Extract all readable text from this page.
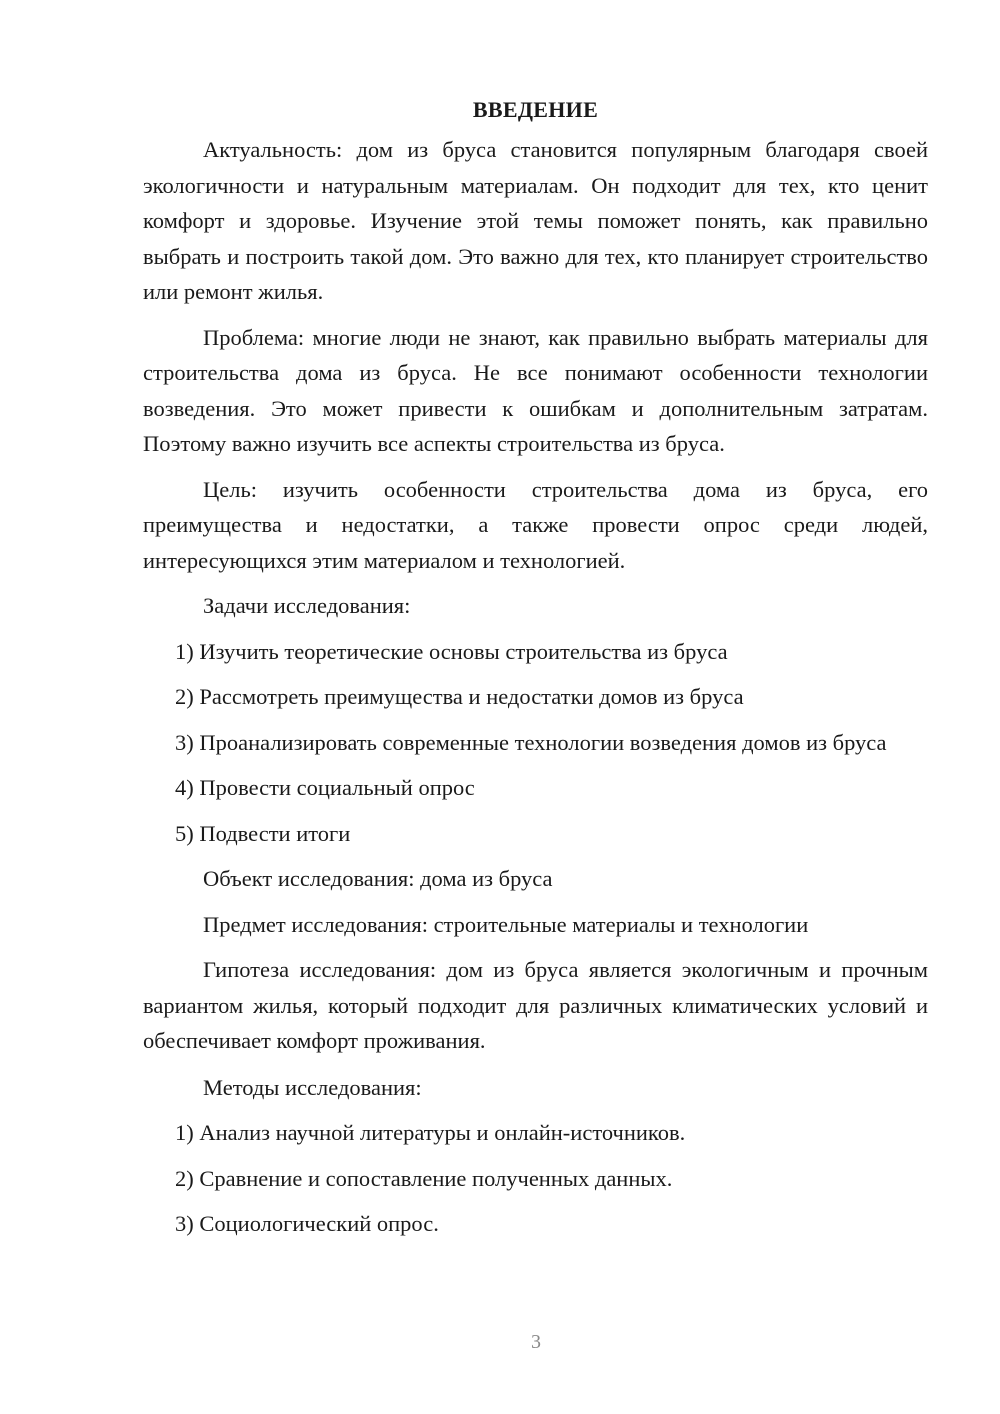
ВВЕДЕНИЕ

Актуальность: дом из бруса становится популярным благодаря своей экологичности и натуральным материалам. Он подходит для тех, кто ценит комфорт и здоровье. Изучение этой темы поможет понять, как правильно выбрать и построить такой дом. Это важно для тех, кто планирует строительство или ремонт жилья.

Проблема: многие люди не знают, как правильно выбрать материалы для строительства дома из бруса. Не все понимают особенности технологии возведения. Это может привести к ошибкам и дополнительным затратам. Поэтому важно изучить все аспекты строительства из бруса.

Цель: изучить особенности строительства дома из бруса, его преимущества и недостатки, а также провести опрос среди людей, интересующихся этим материалом и технологией.

Задачи исследования:
1) Изучить теоретические основы строительства из бруса
2) Рассмотреть преимущества и недостатки домов из бруса
3) Проанализировать современные технологии возведения домов из бруса
4) Провести социальный опрос
5) Подвести итоги
Объект исследования: дома из бруса
Предмет исследования: строительные материалы и технологии

Гипотеза исследования: дом из бруса является экологичным и прочным вариантом жилья, который подходит для различных климатических условий и обеспечивает комфорт проживания.

Методы исследования:
1) Анализ научной литературы и онлайн-источников.
2) Сравнение и сопоставление полученных данных.
3) Социологический опрос.
3
